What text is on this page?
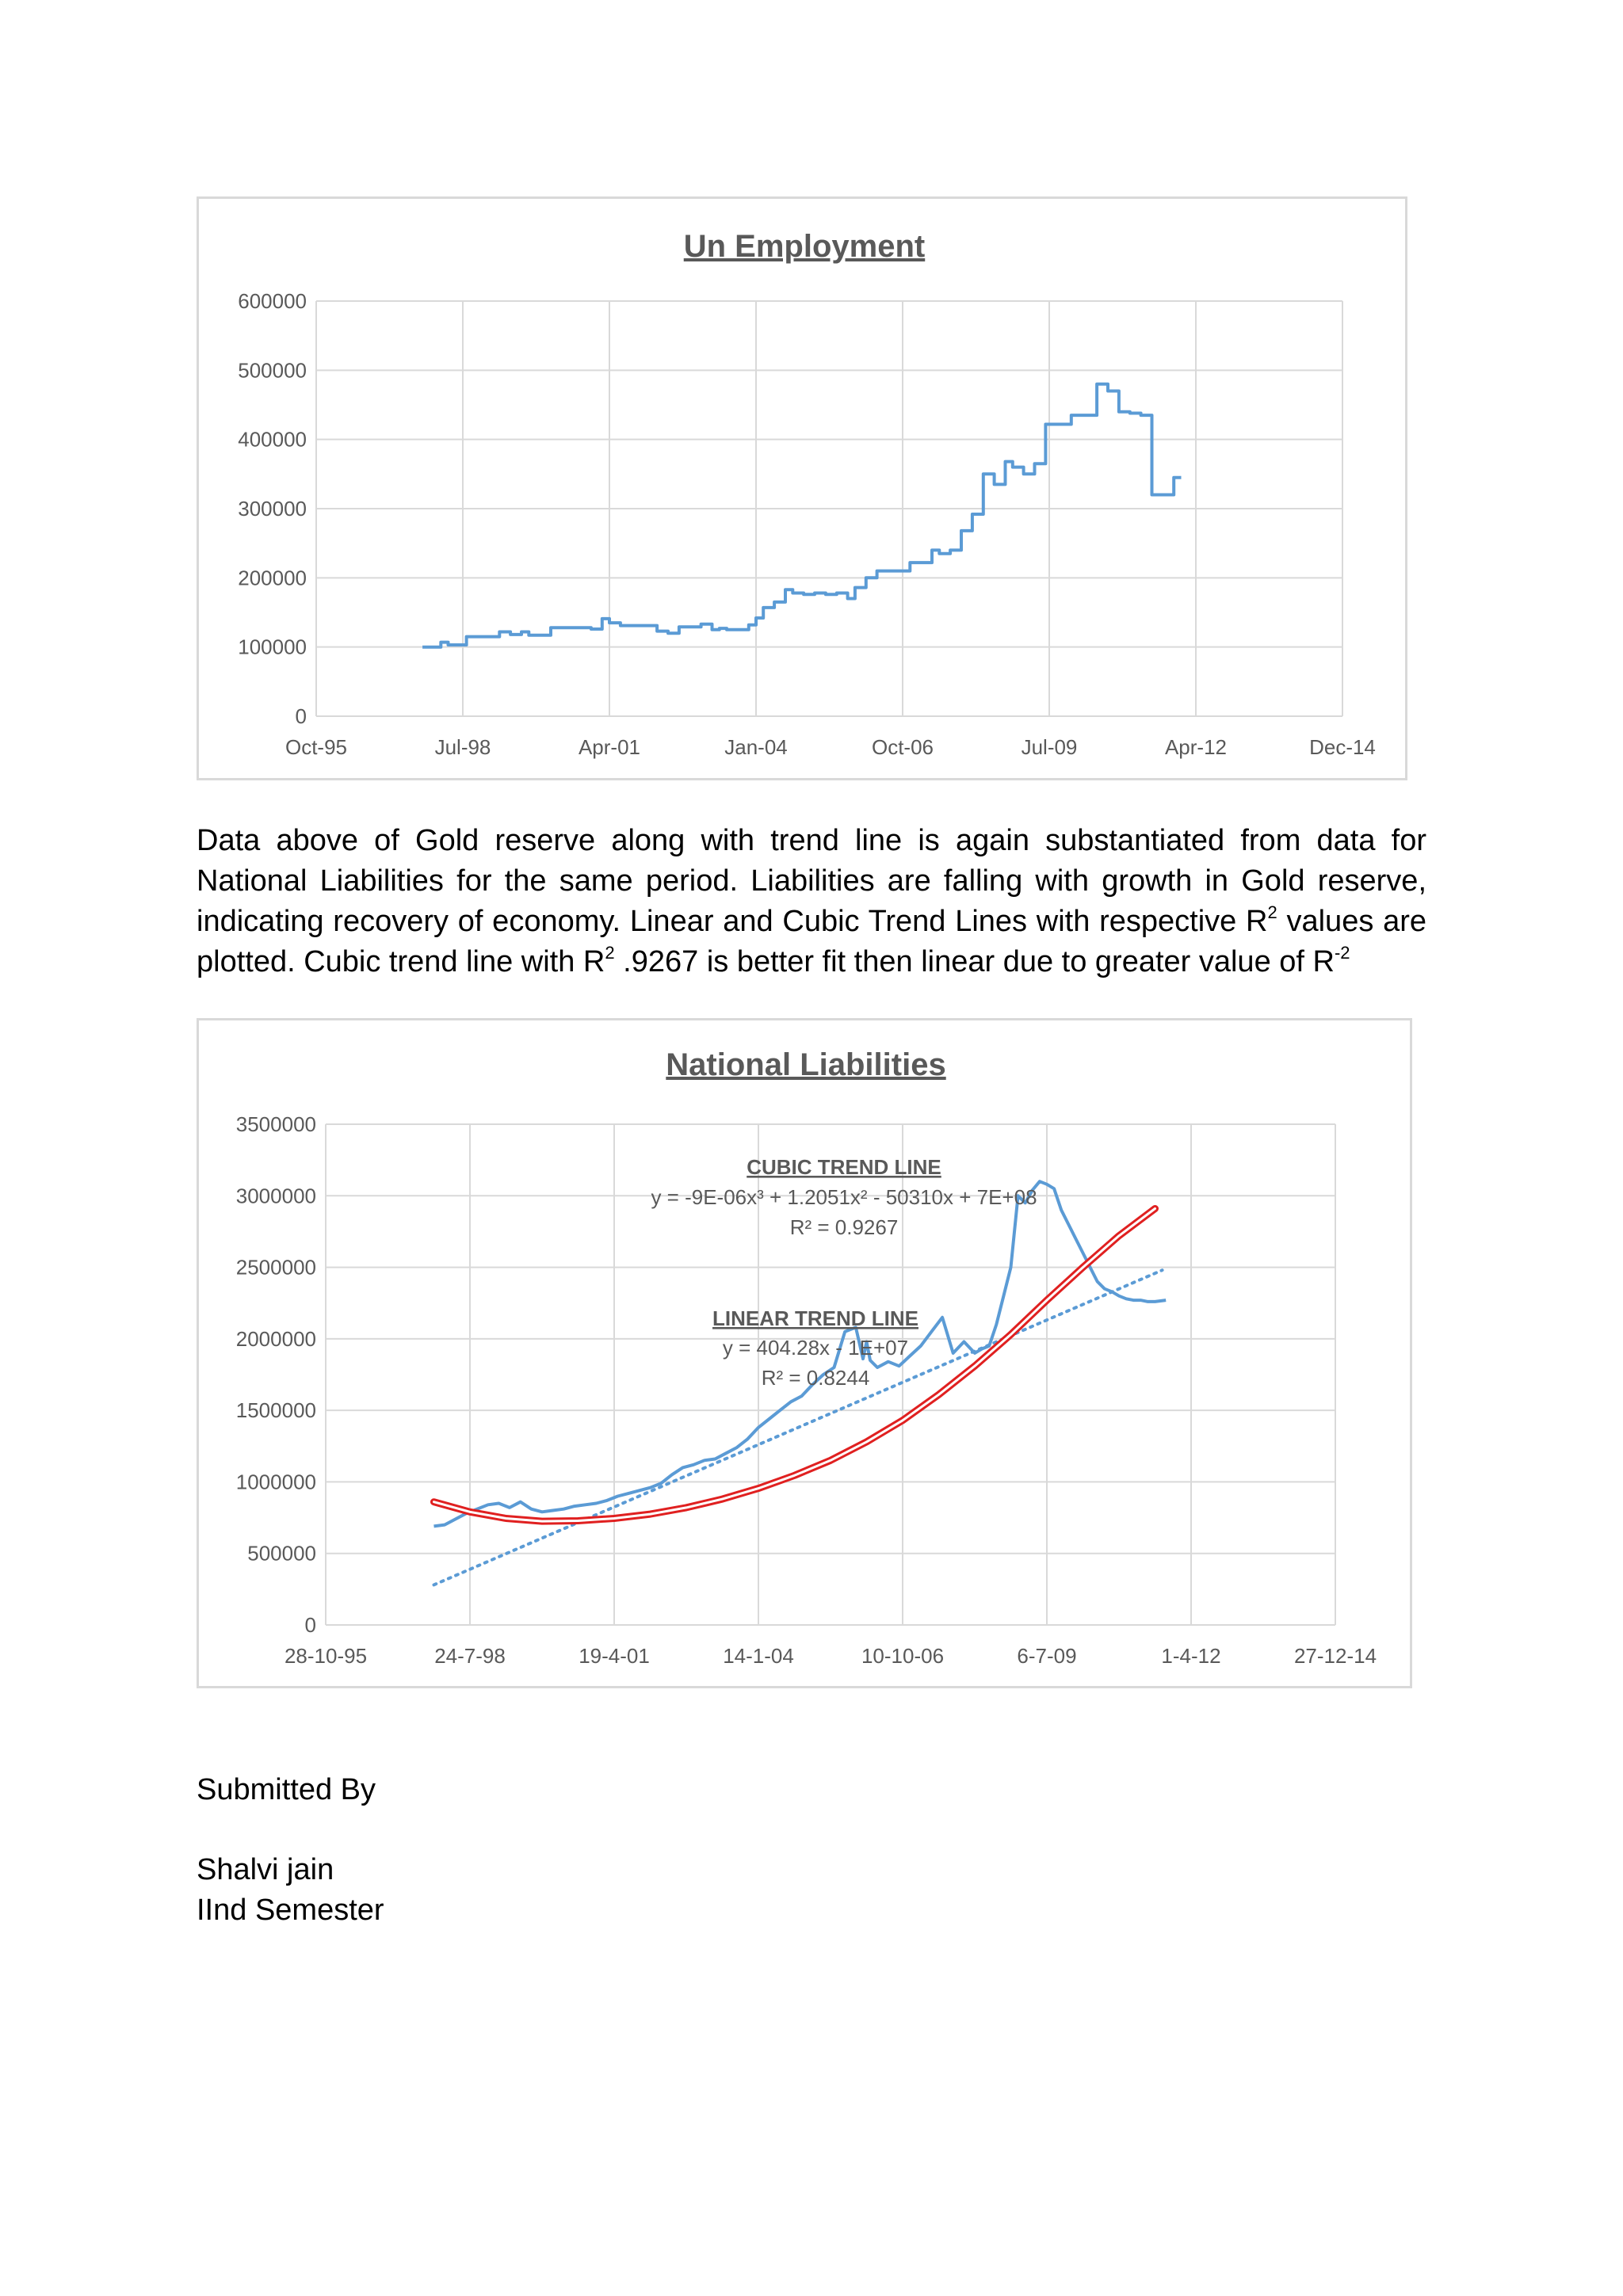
Un Employment
0
100000
200000
300000
400000
500000
600000
Oct-95	Jul-98	Apr-01	Jan-04	Oct-06	Jul-09	Apr-12	Dec-14
Data above of Gold reserve along with trend line is again substantiated from data for National Liabilities for the same period. Liabilities are falling with growth in Gold reserve, indicating recovery of economy. Linear and Cubic Trend Lines with respective $R^2$ values are plotted. Cubic trend line with $R^2$ .9267 is better fit then linear due to greater value of $R^{-2}$
National Liabilities
0
500000
1000000
1500000
2000000
2500000
3000000
3500000
28-10-95	24-7-98	19-4-01	14-1-04	10-10-06	6-7-09	1-4-12	27-12-14
CUBIC TREND LINE
y = -9E-06x³ + 1.2051x² - 50310x + 7E+08
R² = 0.9267
LINEAR TREND LINE
y = 404.28x - 1E+07
R² = 0.8244
Submitted By
Shalvi jain
IInd Semester
